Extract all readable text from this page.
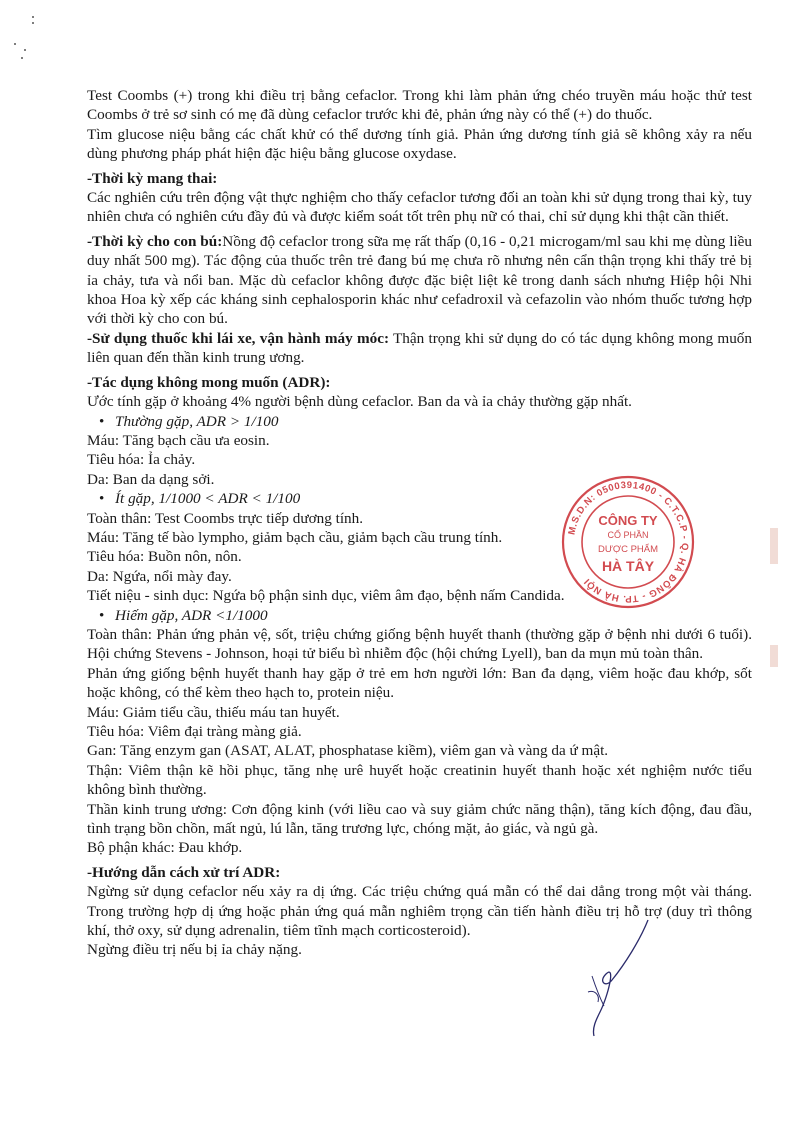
Test Coombs (+) trong khi điều trị bằng cefaclor. Trong khi làm phản ứng chéo truyền máu hoặc thử test Coombs ở trẻ sơ sinh có mẹ đã dùng cefaclor trước khi đẻ, phản ứng này có thể (+) do thuốc.

Tìm glucose niệu bằng các chất khử có thể dương tính giả. Phản ứng dương tính giả sẽ không xảy ra nếu dùng phương pháp phát hiện đặc hiệu bằng glucose oxydase.

-Thời kỳ mang thai:

Các nghiên cứu trên động vật thực nghiệm cho thấy cefaclor tương đối an toàn khi sử dụng trong thai kỳ, tuy nhiên chưa có nghiên cứu đầy đủ và được kiểm soát tốt trên phụ nữ có thai, chỉ sử dụng khi thật cần thiết.

-Thời kỳ cho con bú:Nồng độ cefaclor trong sữa mẹ rất thấp (0,16 - 0,21 microgam/ml sau khi mẹ dùng liều duy nhất 500 mg). Tác động của thuốc trên trẻ đang bú mẹ chưa rõ nhưng nên cẩn thận trọng khi thấy trẻ bị ỉa chảy, tưa và nổi ban. Mặc dù cefaclor không được đặc biệt liệt kê trong danh sách nhưng Hiệp hội Nhi khoa Hoa kỳ xếp các kháng sinh cephalosporin khác như cefadroxil và cefazolin vào nhóm thuốc tương hợp với thời kỳ cho con bú.

-Sử dụng thuốc khi lái xe, vận hành máy móc: Thận trọng khi sử dụng do có tác dụng không mong muốn liên quan đến thần kinh trung ương.

-Tác dụng không mong muốn (ADR):

Ước tính gặp ở khoảng 4% người bệnh dùng cefaclor. Ban da và ỉa chảy thường gặp nhất.

• Thường gặp, ADR > 1/100

Máu: Tăng bạch cầu ưa eosin.

Tiêu hóa: Ỉa chảy.

Da: Ban da dạng sởi.

• Ít gặp, 1/1000 < ADR < 1/100

Toàn thân: Test Coombs trực tiếp dương tính.

Máu: Tăng tế bào lympho, giảm bạch cầu, giảm bạch cầu trung tính.

Tiêu hóa: Buồn nôn, nôn.

Da: Ngứa, nổi mày đay.

Tiết niệu - sinh dục: Ngứa bộ phận sinh dục, viêm âm đạo, bệnh nấm Candida.

• Hiếm gặp, ADR <1/1000

Toàn thân: Phản ứng phản vệ, sốt, triệu chứng giống bệnh huyết thanh (thường gặp ở bệnh nhi dưới 6 tuổi). Hội chứng Stevens - Johnson, hoại tử biểu bì nhiễm độc (hội chứng Lyell), ban da mụn mủ toàn thân.

Phản ứng giống bệnh huyết thanh hay gặp ở trẻ em hơn người lớn: Ban đa dạng, viêm hoặc đau khớp, sốt hoặc không, có thể kèm theo hạch to, protein niệu.

Máu: Giảm tiểu cầu, thiếu máu tan huyết.

Tiêu hóa: Viêm đại tràng màng giả.

Gan: Tăng enzym gan (ASAT, ALAT, phosphatase kiềm), viêm gan và vàng da ứ mật.

Thận: Viêm thận kẽ hồi phục, tăng nhẹ urê huyết hoặc creatinin huyết thanh hoặc xét nghiệm nước tiểu không bình thường.

Thần kinh trung ương: Cơn động kinh (với liều cao và suy giảm chức năng thận), tăng kích động, đau đầu, tình trạng bồn chồn, mất ngủ, lú lẫn, tăng trương lực, chóng mặt, ảo giác, và ngủ gà.

Bộ phận khác: Đau khớp.

-Hướng dẫn cách xử trí ADR:

Ngừng sử dụng cefaclor nếu xảy ra dị ứng. Các triệu chứng quá mẫn có thể dai dẳng trong một vài tháng. Trong trường hợp dị ứng hoặc phản ứng quá mẫn nghiêm trọng cần tiến hành điều trị hỗ trợ (duy trì thông khí, thở oxy, sử dụng adrenalin, tiêm tĩnh mạch corticosteroid).

Ngừng điều trị nếu bị ỉa chảy nặng.

M.S.D.N: 0500391400 - C.T.C.P - Q. HÀ ĐÔNG - TP. HÀ NỘI
CÔNG TY
CỔ PHẦN
DƯỢC PHẨM
HÀ TÂY
